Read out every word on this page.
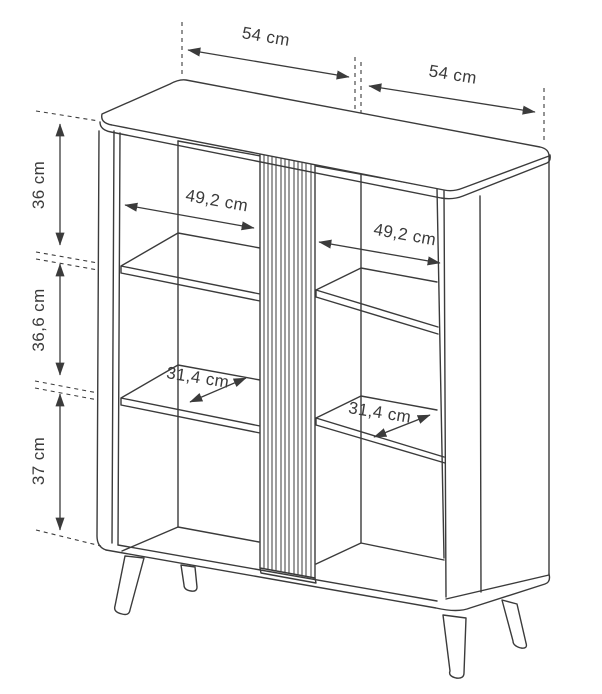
54 cm
54 cm
36 cm
36,6 cm
37 cm
49,2 cm
49,2 cm
31,4 cm
31,4 cm
